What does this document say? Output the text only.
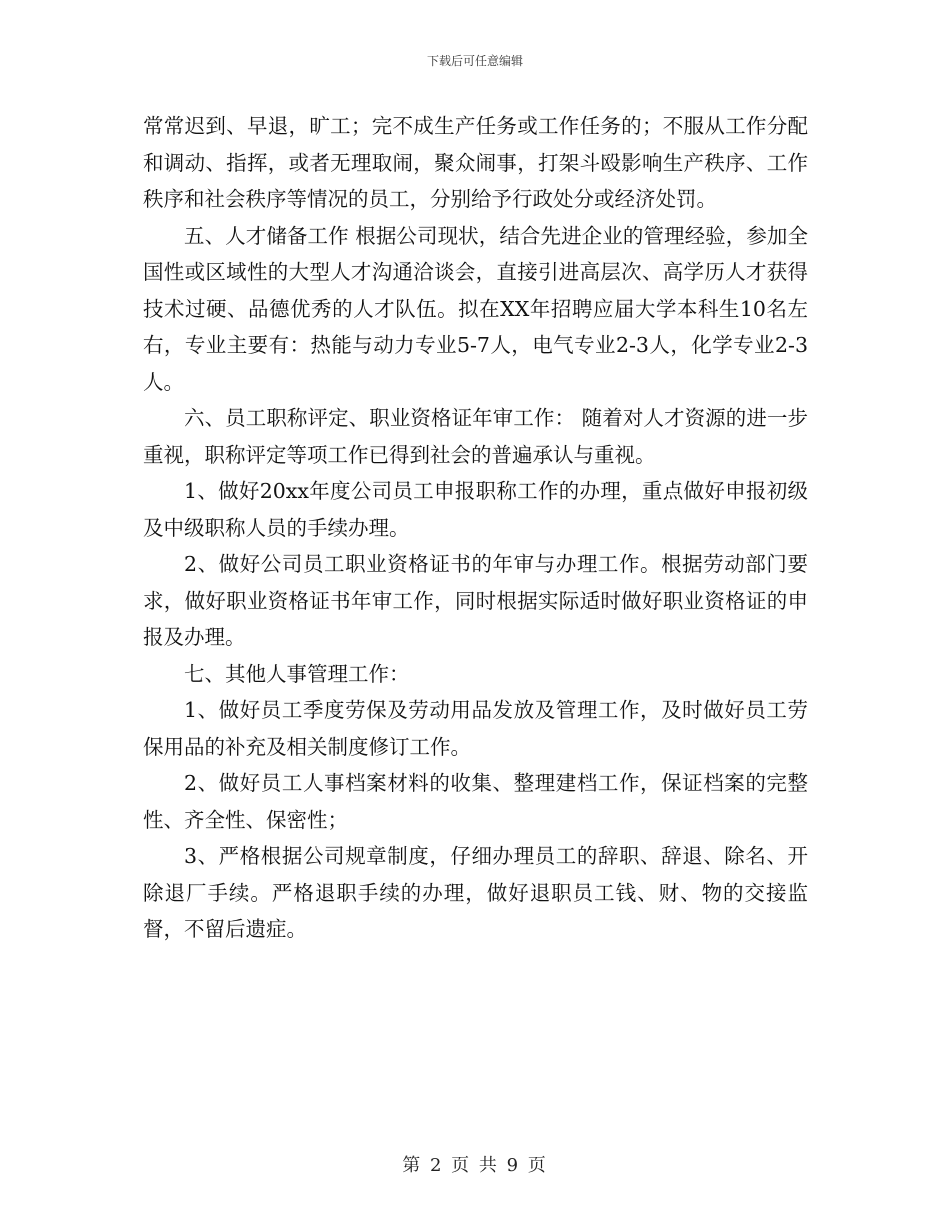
下载后可任意编辑

常常迟到、早退，旷工；完不成生产任务或工作任务的；不服从工作分配和调动、指挥，或者无理取闹，聚众闹事，打架斗殴影响生产秩序、工作秩序和社会秩序等情况的员工，分别给予行政处分或经济处罚。

五、人才储备工作 根据公司现状，结合先进企业的管理经验，参加全国性或区域性的大型人才沟通洽谈会，直接引进高层次、高学历人才获得技术过硬、品德优秀的人才队伍。拟在XX年招聘应届大学本科生10名左右，专业主要有：热能与动力专业5-7人，电气专业2-3人，化学专业2-3人。

六、员工职称评定、职业资格证年审工作： 随着对人才资源的进一步重视，职称评定等项工作已得到社会的普遍承认与重视。

1、做好20xx年度公司员工申报职称工作的办理，重点做好申报初级及中级职称人员的手续办理。

2、做好公司员工职业资格证书的年审与办理工作。根据劳动部门要求，做好职业资格证书年审工作，同时根据实际适时做好职业资格证的申报及办理。

七、其他人事管理工作：

1、做好员工季度劳保及劳动用品发放及管理工作，及时做好员工劳保用品的补充及相关制度修订工作。

2、做好员工人事档案材料的收集、整理建档工作，保证档案的完整性、齐全性、保密性；

3、严格根据公司规章制度，仔细办理员工的辞职、辞退、除名、开除退厂手续。严格退职手续的办理，做好退职员工钱、财、物的交接监督，不留后遗症。

第 2 页 共 9 页
